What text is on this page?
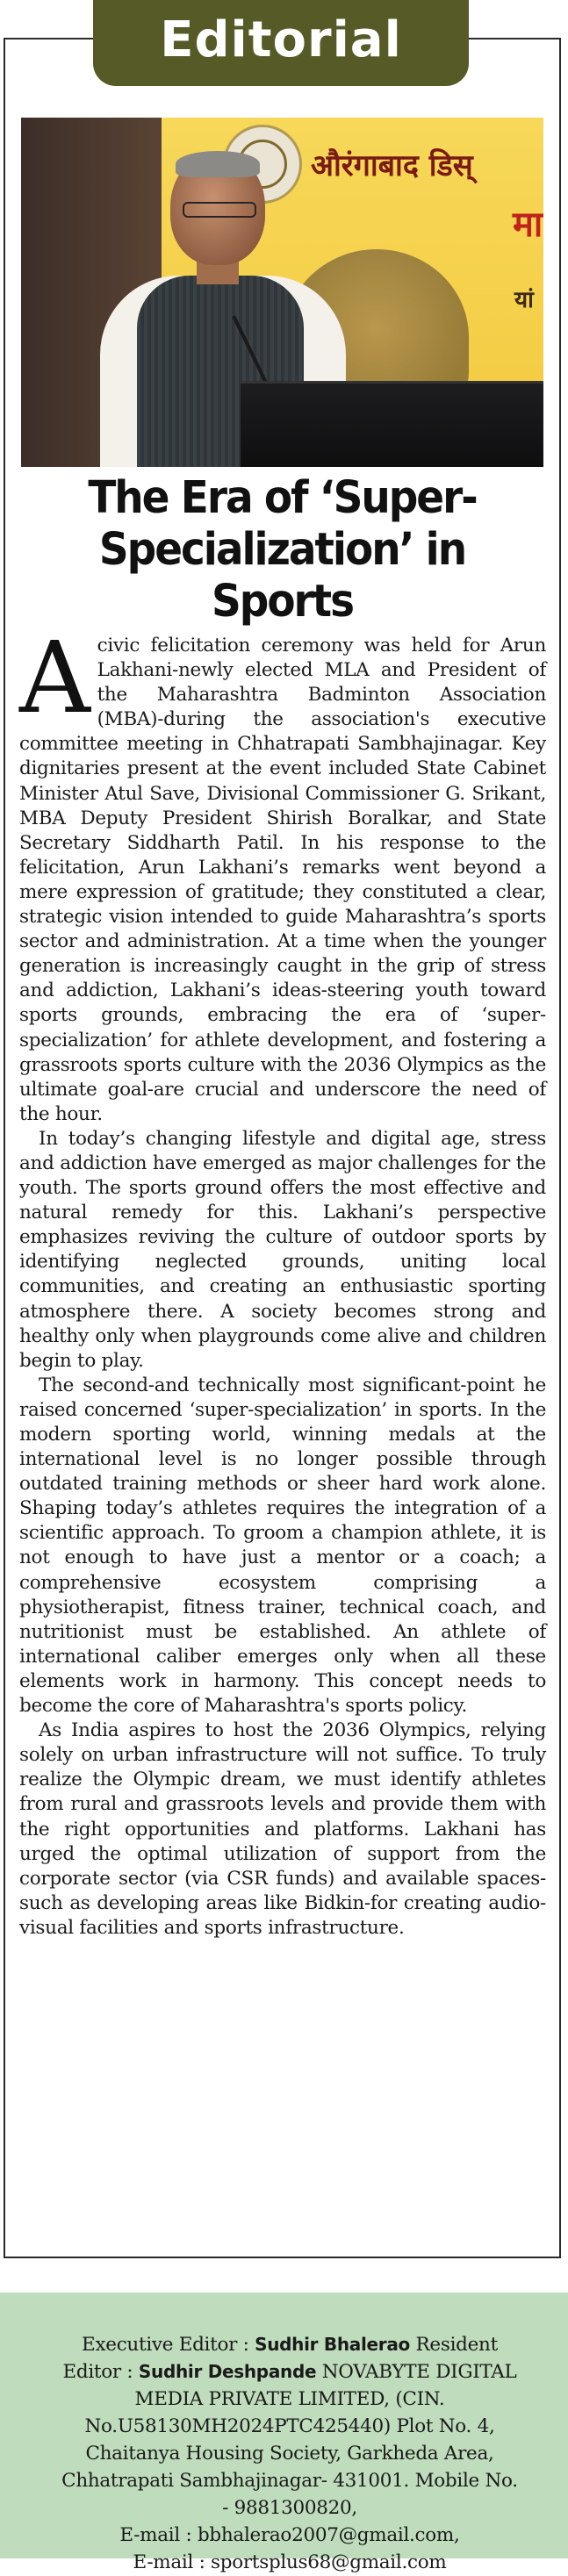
Editorial
औरंगाबाद डिस्
मा
यां
The Era of ‘Super-Specialization’ in Sports

Acivic felicitation ceremony was held for Arun Lakhani-newly elected MLA and President of the Maharashtra Badminton Association (MBA)-during the association's executive committee meeting in Chhatrapati Sambhajinagar. Key dignitaries present at the event included State Cabinet Minister Atul Save, Divisional Commissioner G. Srikant, MBA Deputy President Shirish Boralkar, and State Secretary Siddharth Patil. In his response to the felicitation, Arun Lakhani’s remarks went beyond a mere expression of gratitude; they constituted a clear, strategic vision intended to guide Maharashtra’s sports sector and administration. At a time when the younger generation is increasingly caught in the grip of stress and addiction, Lakhani’s ideas-steering youth toward sports grounds, embracing the era of ‘super-specialization’ for athlete development, and fostering a grassroots sports culture with the 2036 Olympics as the ultimate goal-are crucial and underscore the need of the hour.

In today’s changing lifestyle and digital age, stress and addiction have emerged as major challenges for the youth. The sports ground offers the most effective and natural remedy for this. Lakhani’s perspective emphasizes reviving the culture of outdoor sports by identifying neglected grounds, uniting local communities, and creating an enthusiastic sporting atmosphere there. A society becomes strong and healthy only when playgrounds come alive and children begin to play.

The second-and technically most significant-point he raised concerned ‘super-specialization’ in sports. In the modern sporting world, winning medals at the international level is no longer possible through outdated training methods or sheer hard work alone. Shaping today’s athletes requires the integration of a scientific approach. To groom a champion athlete, it is not enough to have just a mentor or a coach; a comprehensive ecosystem comprising a physiotherapist, fitness trainer, technical coach, and nutritionist must be established. An athlete of international caliber emerges only when all these elements work in harmony. This concept needs to become the core of Maharashtra's sports policy.

As India aspires to host the 2036 Olympics, relying solely on urban infrastructure will not suffice. To truly realize the Olympic dream, we must identify athletes from rural and grassroots levels and provide them with the right opportunities and platforms. Lakhani has urged the optimal utilization of support from the corporate sector (via CSR funds) and available spaces-such as developing areas like Bidkin-for creating audio-visual facilities and sports infrastructure.

Executive Editor : Sudhir Bhalerao Resident Editor : Sudhir Deshpande NOVABYTE DIGITAL MEDIA PRIVATE LIMITED, (CIN. No.U58130MH2024PTC425440) Plot No. 4, Chaitanya Housing Society, Garkheda Area, Chhatrapati Sambhajinagar- 431001. Mobile No. - 9881300820,
E-mail : bbhalerao2007@gmail.com,
E-mail : sportsplus68@gmail.com
